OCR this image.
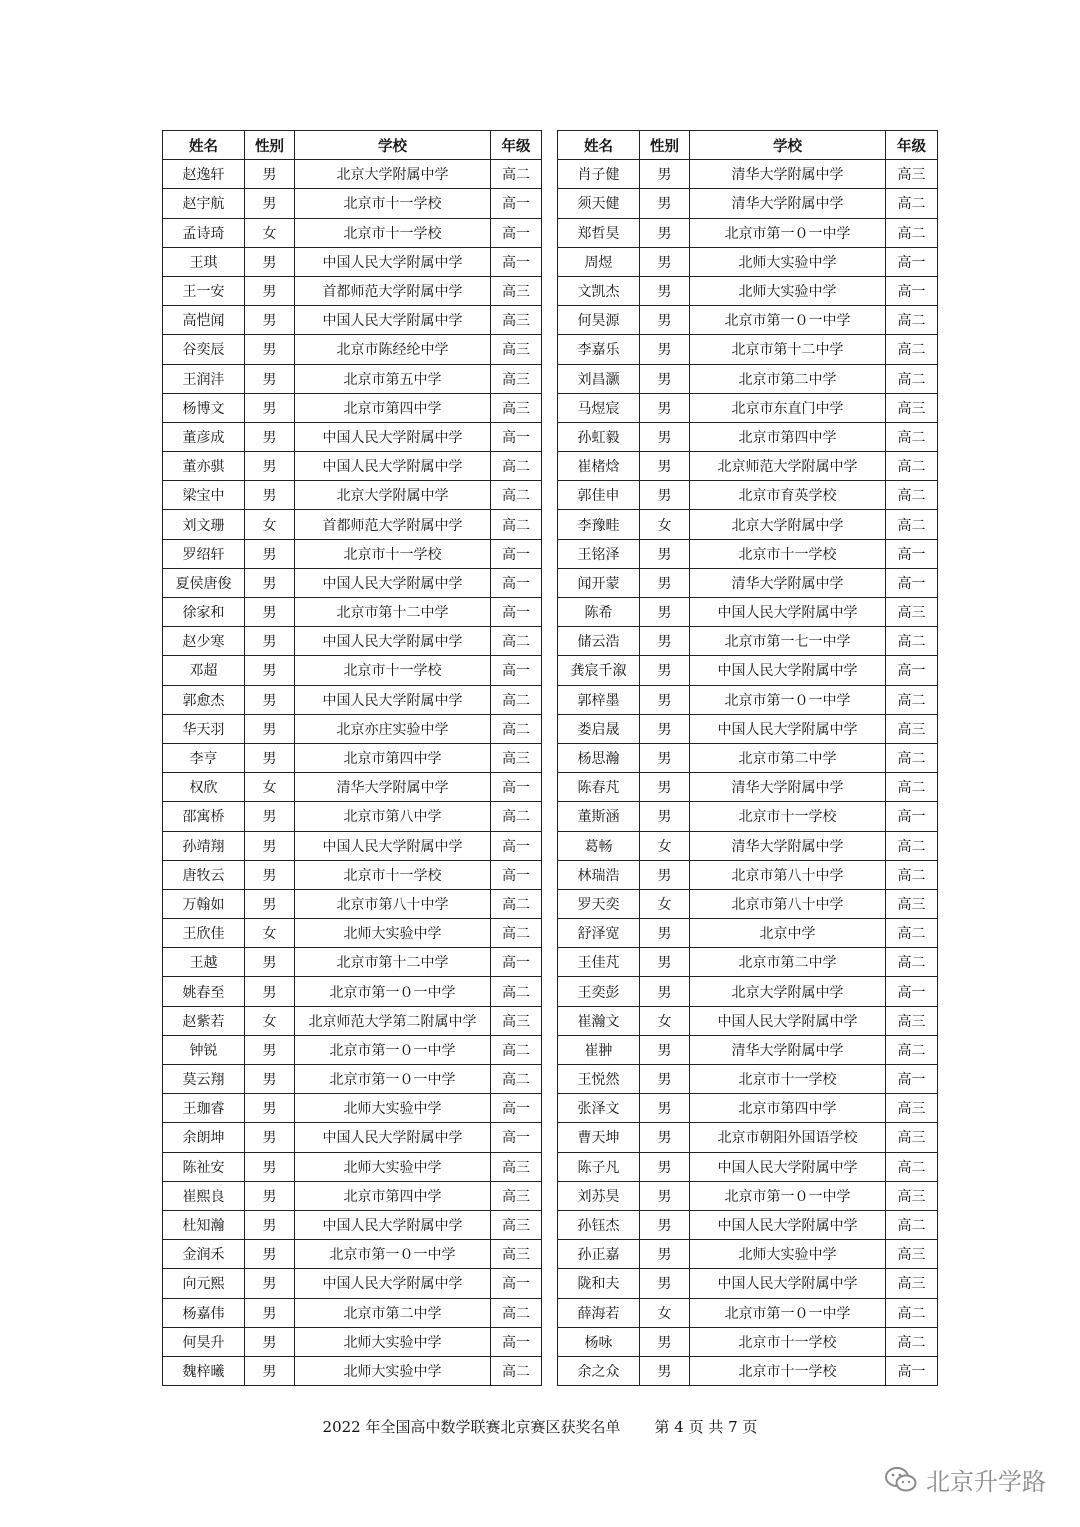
姓名	性别	学校	年级
赵逸轩	男	北京大学附属中学	高二
赵宇航	男	北京市十一学校	高一
孟诗琦	女	北京市十一学校	高一
王琪	男	中国人民大学附属中学	高一
王一安	男	首都师范大学附属中学	高三
高恺闻	男	中国人民大学附属中学	高三
谷奕辰	男	北京市陈经纶中学	高三
王润沣	男	北京市第五中学	高三
杨博文	男	北京市第四中学	高三
董彦成	男	中国人民大学附属中学	高一
董亦骐	男	中国人民大学附属中学	高二
梁宝中	男	北京大学附属中学	高二
刘文珊	女	首都师范大学附属中学	高二
罗绍轩	男	北京市十一学校	高一
夏侯唐俊	男	中国人民大学附属中学	高一
徐家和	男	北京市第十二中学	高一
赵少寒	男	中国人民大学附属中学	高二
邓超	男	北京市十一学校	高一
郭愈杰	男	中国人民大学附属中学	高二
华天羽	男	北京亦庄实验中学	高二
李亨	男	北京市第四中学	高三
权欣	女	清华大学附属中学	高一
邵寓桥	男	北京市第八中学	高二
孙靖翔	男	中国人民大学附属中学	高一
唐牧云	男	北京市十一学校	高一
万翰如	男	北京市第八十中学	高二
王欣佳	女	北师大实验中学	高二
王越	男	北京市第十二中学	高一
姚春至	男	北京市第一０一中学	高二
赵紫若	女	北京师范大学第二附属中学	高三
钟锐	男	北京市第一０一中学	高二
莫云翔	男	北京市第一０一中学	高二
王珈睿	男	北师大实验中学	高一
余朗坤	男	中国人民大学附属中学	高一
陈祉安	男	北师大实验中学	高三
崔熙良	男	北京市第四中学	高三
杜知瀚	男	中国人民大学附属中学	高三
金润禾	男	北京市第一０一中学	高三
向元熙	男	中国人民大学附属中学	高一
杨嘉伟	男	北京市第二中学	高二
何昊升	男	北师大实验中学	高一
魏梓曦	男	北师大实验中学	高二
姓名	性别	学校	年级
肖子健	男	清华大学附属中学	高三
须天健	男	清华大学附属中学	高二
郑哲昊	男	北京市第一０一中学	高二
周煜	男	北师大实验中学	高一
文凯杰	男	北师大实验中学	高一
何昊源	男	北京市第一０一中学	高二
李嘉乐	男	北京市第十二中学	高二
刘昌灏	男	北京市第二中学	高二
马煜宸	男	北京市东直门中学	高三
孙虹毅	男	北京市第四中学	高二
崔楮焓	男	北京师范大学附属中学	高二
郭佳申	男	北京市育英学校	高二
李豫畦	女	北京大学附属中学	高二
王铭泽	男	北京市十一学校	高一
闻开蒙	男	清华大学附属中学	高一
陈希	男	中国人民大学附属中学	高三
储云浩	男	北京市第一七一中学	高二
龚宸千溆	男	中国人民大学附属中学	高一
郭梓墨	男	北京市第一０一中学	高二
娄启晟	男	中国人民大学附属中学	高三
杨思瀚	男	北京市第二中学	高二
陈春芃	男	清华大学附属中学	高二
董斯涵	男	北京市十一学校	高一
葛畅	女	清华大学附属中学	高二
林瑞浩	男	北京市第八十中学	高二
罗天奕	女	北京市第八十中学	高三
舒泽宽	男	北京中学	高二
王佳芃	男	北京市第二中学	高二
王奕彭	男	北京大学附属中学	高一
崔瀚文	女	中国人民大学附属中学	高三
崔翀	男	清华大学附属中学	高二
王悦然	男	北京市十一学校	高一
张泽文	男	北京市第四中学	高三
曹天坤	男	北京市朝阳外国语学校	高三
陈子凡	男	中国人民大学附属中学	高二
刘苏昊	男	北京市第一０一中学	高三
孙钰杰	男	中国人民大学附属中学	高二
孙正嘉	男	北师大实验中学	高三
陇和夫	男	中国人民大学附属中学	高三
薛海若	女	北京市第一０一中学	高二
杨咏	男	北京市十一学校	高二
余之众	男	北京市十一学校	高一
2022 年全国高中数学联赛北京赛区获奖名单 第 4 页 共 7 页
北京升学路
